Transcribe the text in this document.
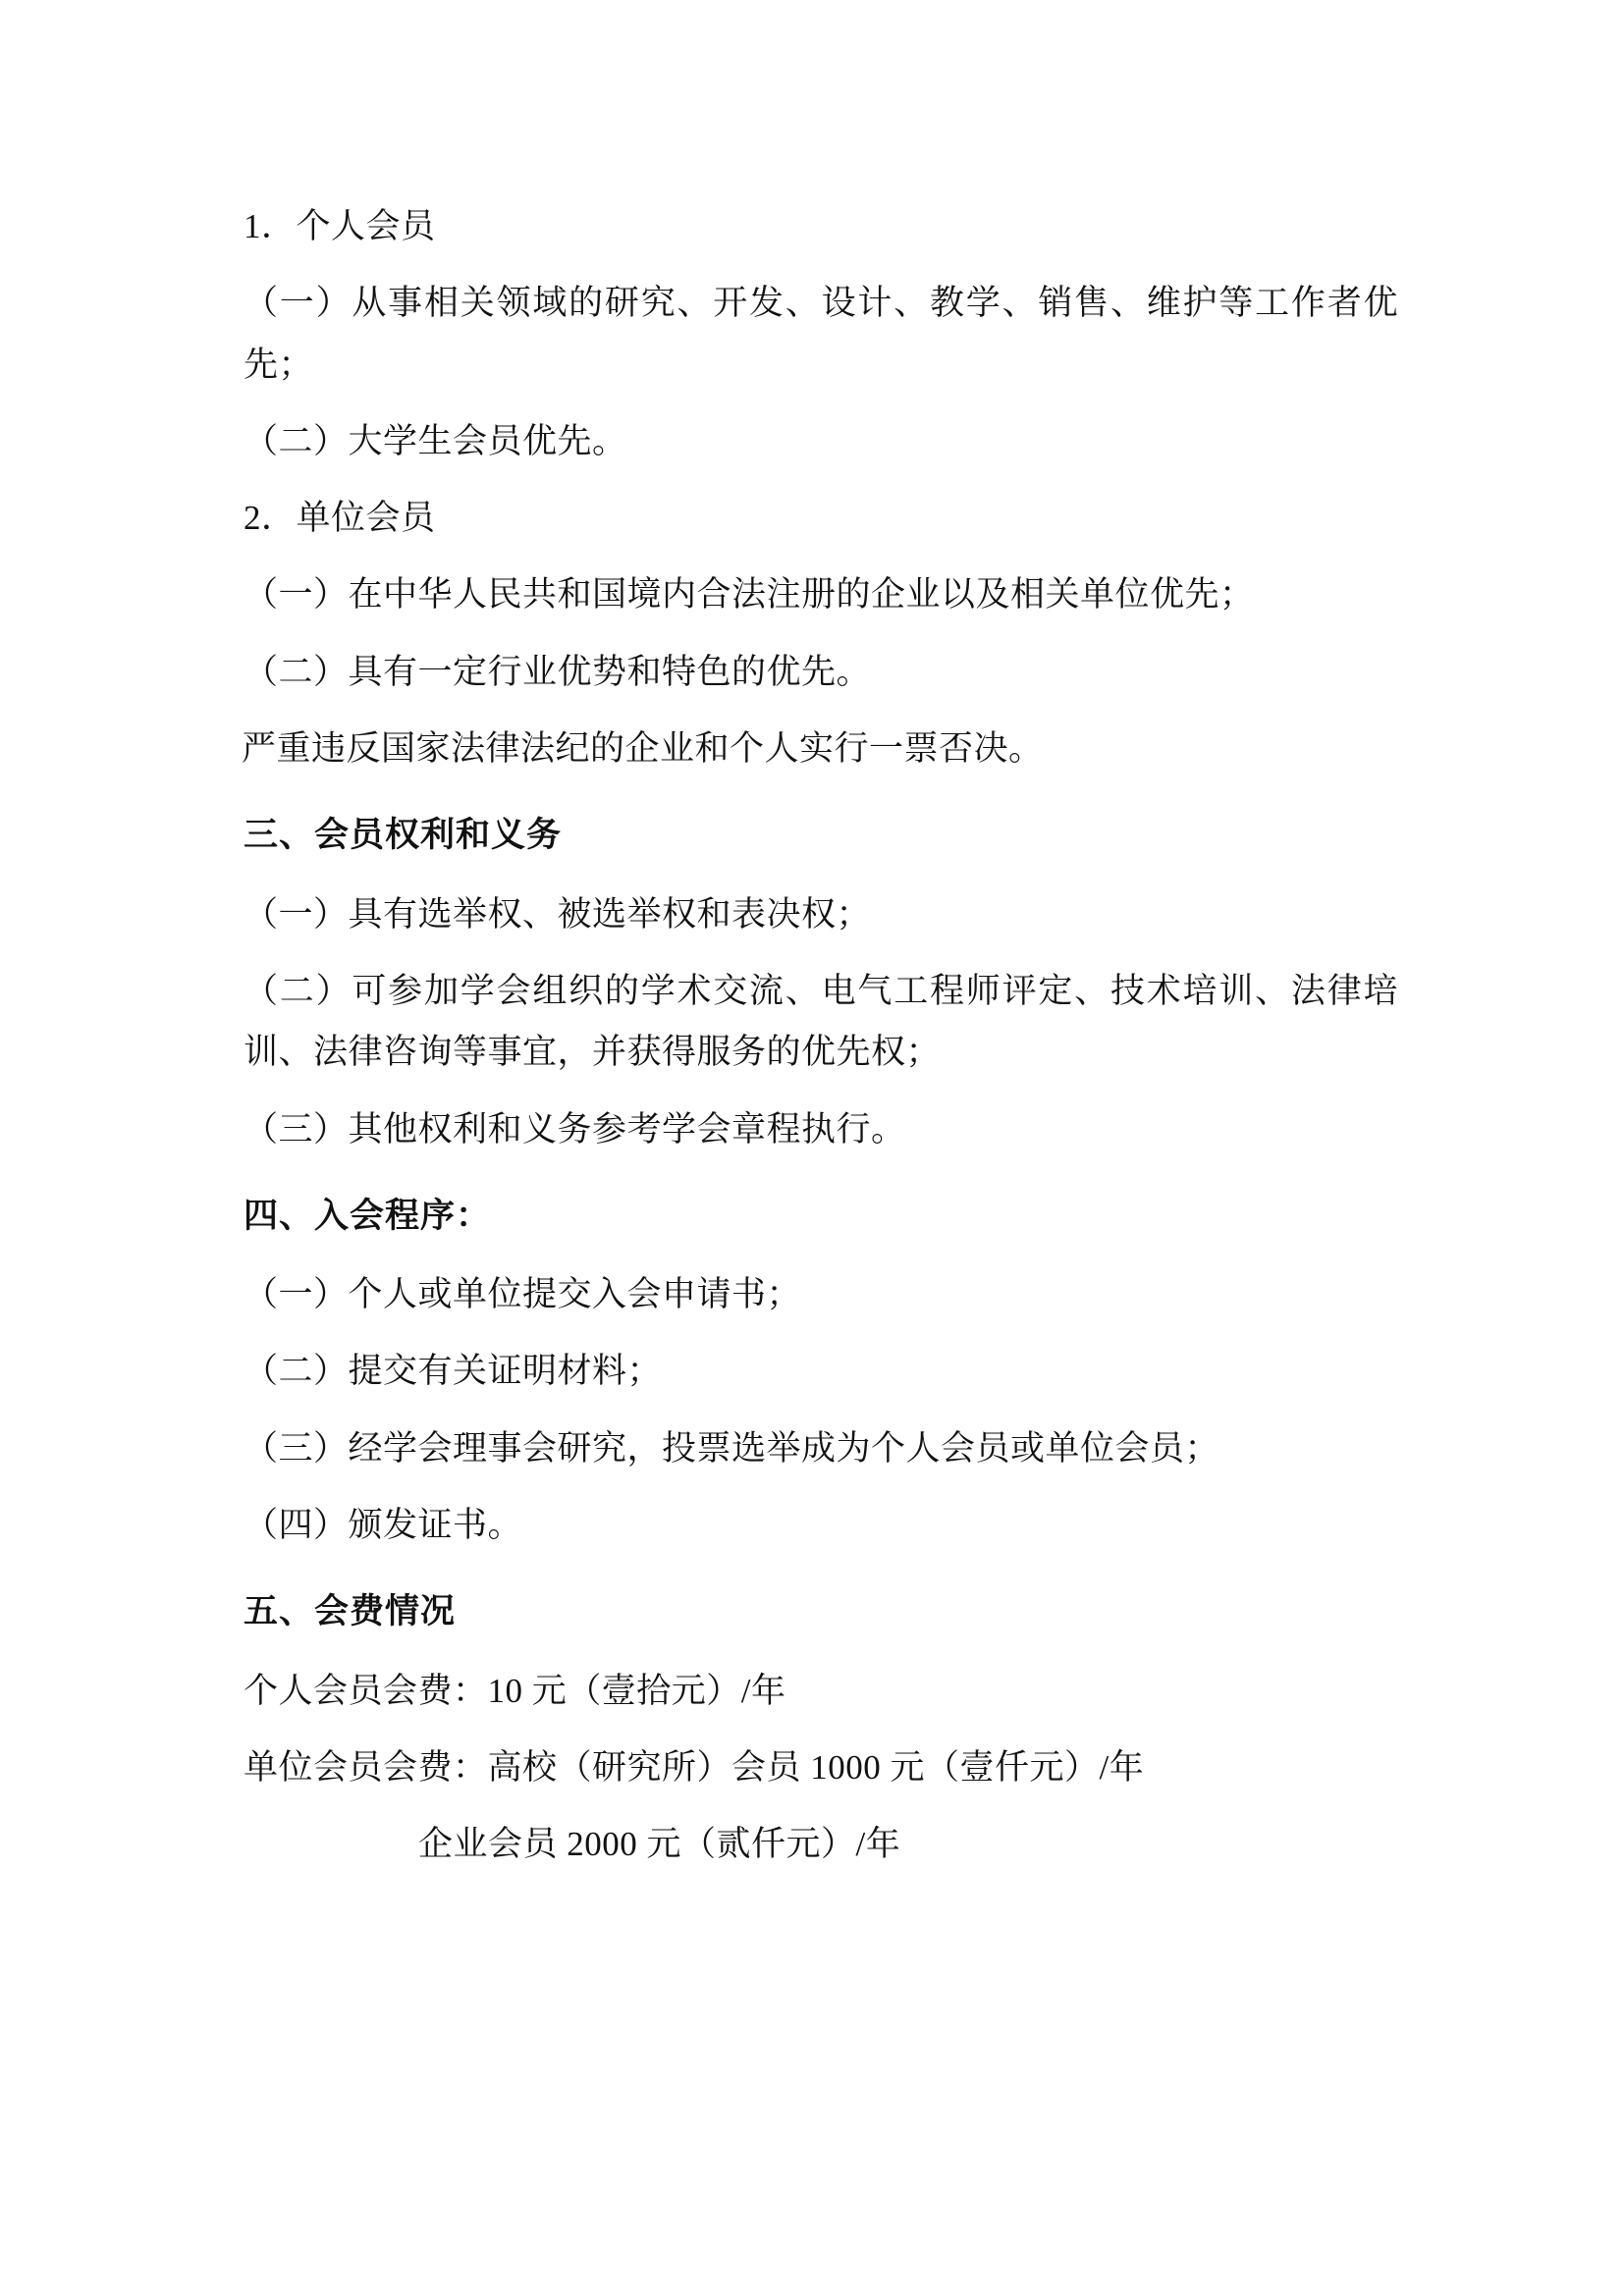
1．个人会员

（一）从事相关领域的研究、开发、设计、教学、销售、维护等工作者优先；

（二）大学生会员优先。

2．单位会员

（一）在中华人民共和国境内合法注册的企业以及相关单位优先；

（二）具有一定行业优势和特色的优先。

严重违反国家法律法纪的企业和个人实行一票否决。

三、会员权利和义务

（一）具有选举权、被选举权和表决权；

（二）可参加学会组织的学术交流、电气工程师评定、技术培训、法律培训、法律咨询等事宜，并获得服务的优先权；

（三）其他权利和义务参考学会章程执行。

四、入会程序：

（一）个人或单位提交入会申请书；

（二）提交有关证明材料；

（三）经学会理事会研究，投票选举成为个人会员或单位会员；

（四）颁发证书。

五、会费情况

个人会员会费：10 元（壹拾元）/年

单位会员会费：高校（研究所）会员 1000 元（壹仟元）/年

企业会员 2000 元（贰仟元）/年
